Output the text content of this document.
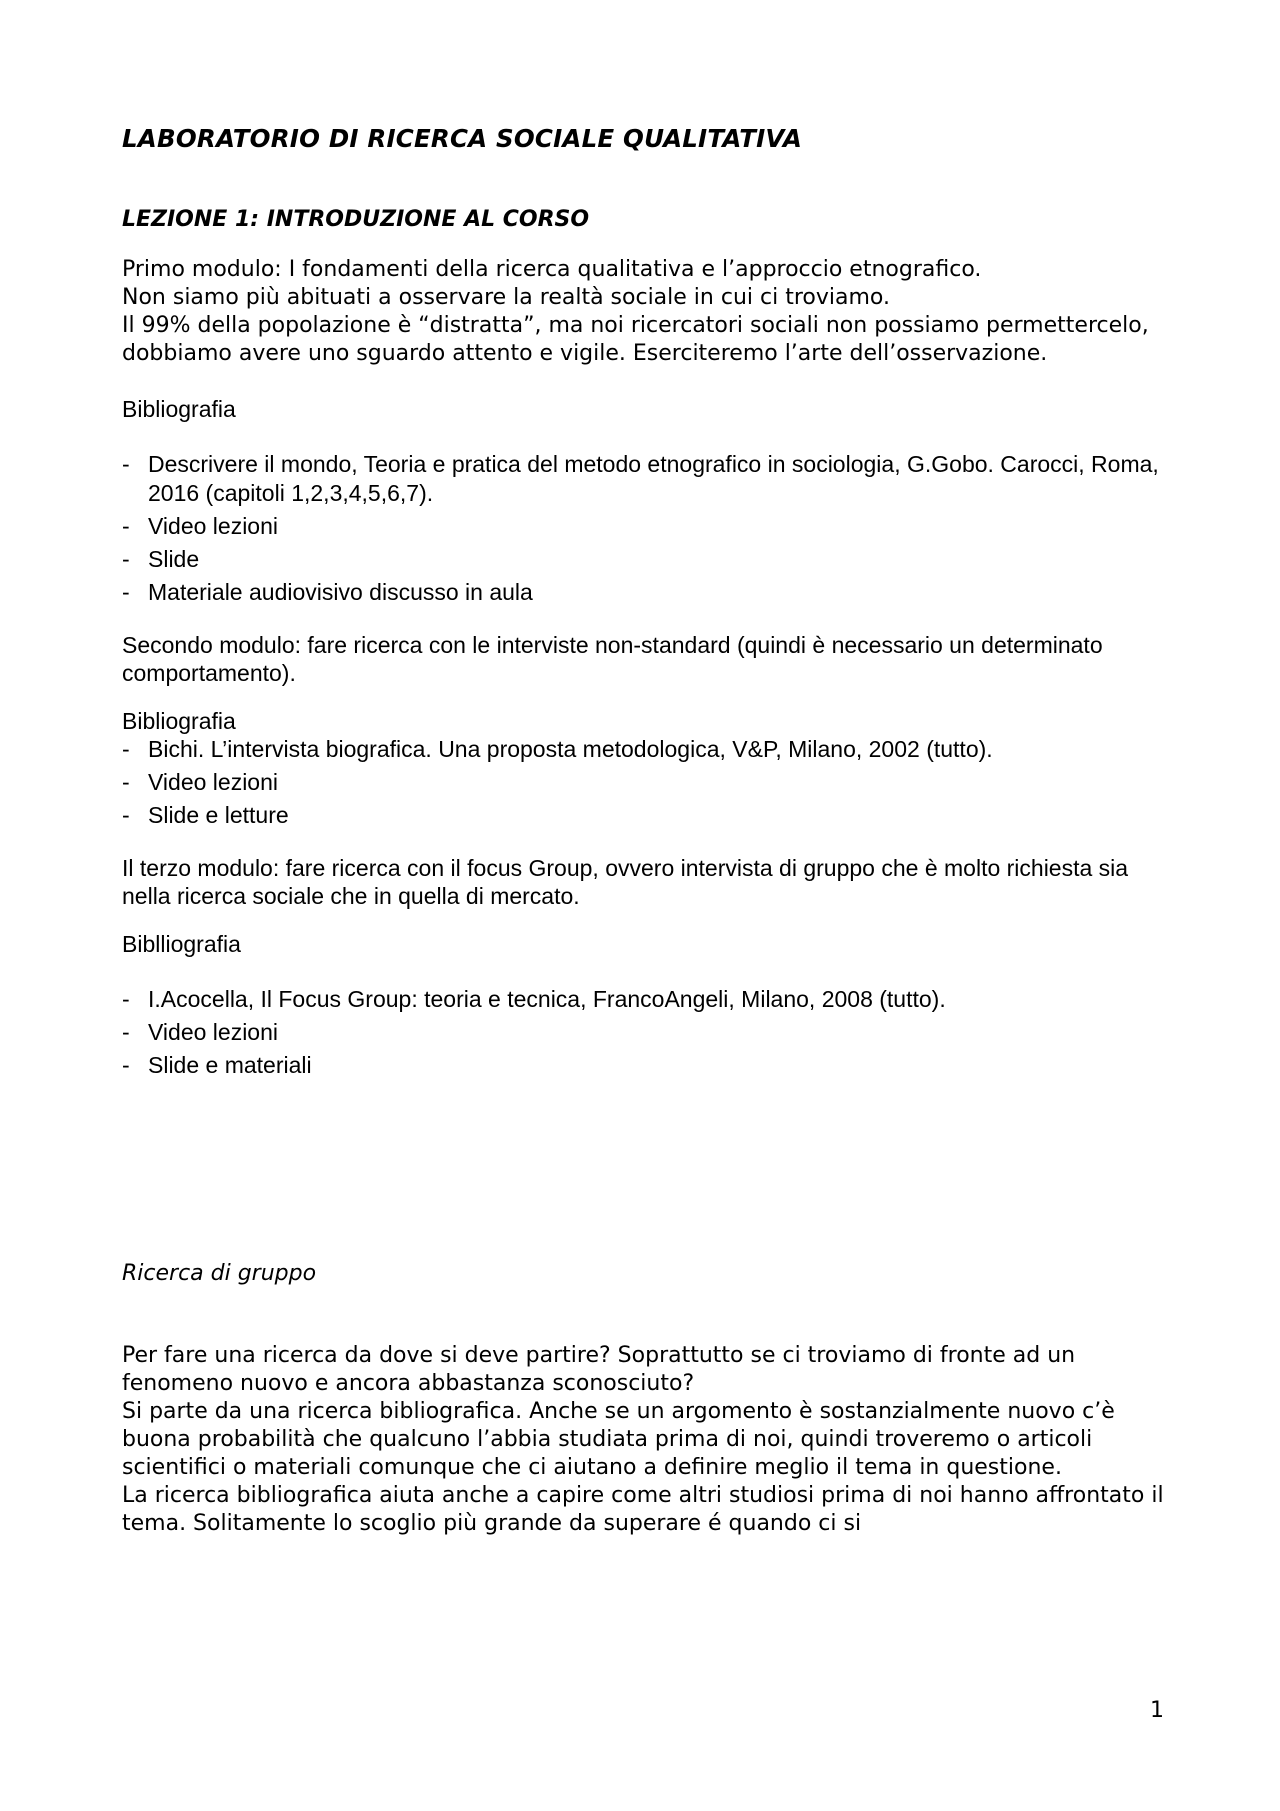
LABORATORIO DI RICERCA SOCIALE QUALITATIVA
LEZIONE 1: INTRODUZIONE AL CORSO

Primo modulo: I fondamenti della ricerca qualitativa e l’approccio etnografico.

Non siamo più abituati a osservare la realtà sociale in cui ci troviamo.

Il 99% della popolazione è “distratta”, ma noi ricercatori sociali non possiamo permettercelo, dobbiamo avere uno sguardo attento e vigile. Eserciteremo l’arte dell’osservazione.

Bibliografia

- Descrivere il mondo, Teoria e pratica del metodo etnografico in sociologia, G.Gobo. Carocci, Roma, 2016 (capitoli 1,2,3,4,5,6,7).
- Video lezioni
- Slide
- Materiale audiovisivo discusso in aula

Secondo modulo: fare ricerca con le interviste non-standard (quindi è necessario un determinato comportamento).

Bibliografia

- Bichi. L’intervista biografica. Una proposta metodologica, V&P, Milano, 2002 (tutto).
- Video lezioni
- Slide e letture

Il terzo modulo: fare ricerca con il focus Group, ovvero intervista di gruppo che è molto richiesta sia nella ricerca sociale che in quella di mercato.

Biblliografia

- I.Acocella, Il Focus Group: teoria e tecnica, FrancoAngeli, Milano, 2008 (tutto).
- Video lezioni
- Slide e materiali

Ricerca di gruppo

Per fare una ricerca da dove si deve partire? Soprattutto se ci troviamo di fronte ad un fenomeno nuovo e ancora abbastanza sconosciuto?

Si parte da una ricerca bibliografica. Anche se un argomento è sostanzialmente nuovo c’è buona probabilità che qualcuno l’abbia studiata prima di noi, quindi troveremo o articoli scientifici o materiali comunque che ci aiutano a definire meglio il tema in questione.

La ricerca bibliografica aiuta anche a capire come altri studiosi prima di noi hanno affrontato il tema. Solitamente lo scoglio più grande da superare é quando ci si

1
